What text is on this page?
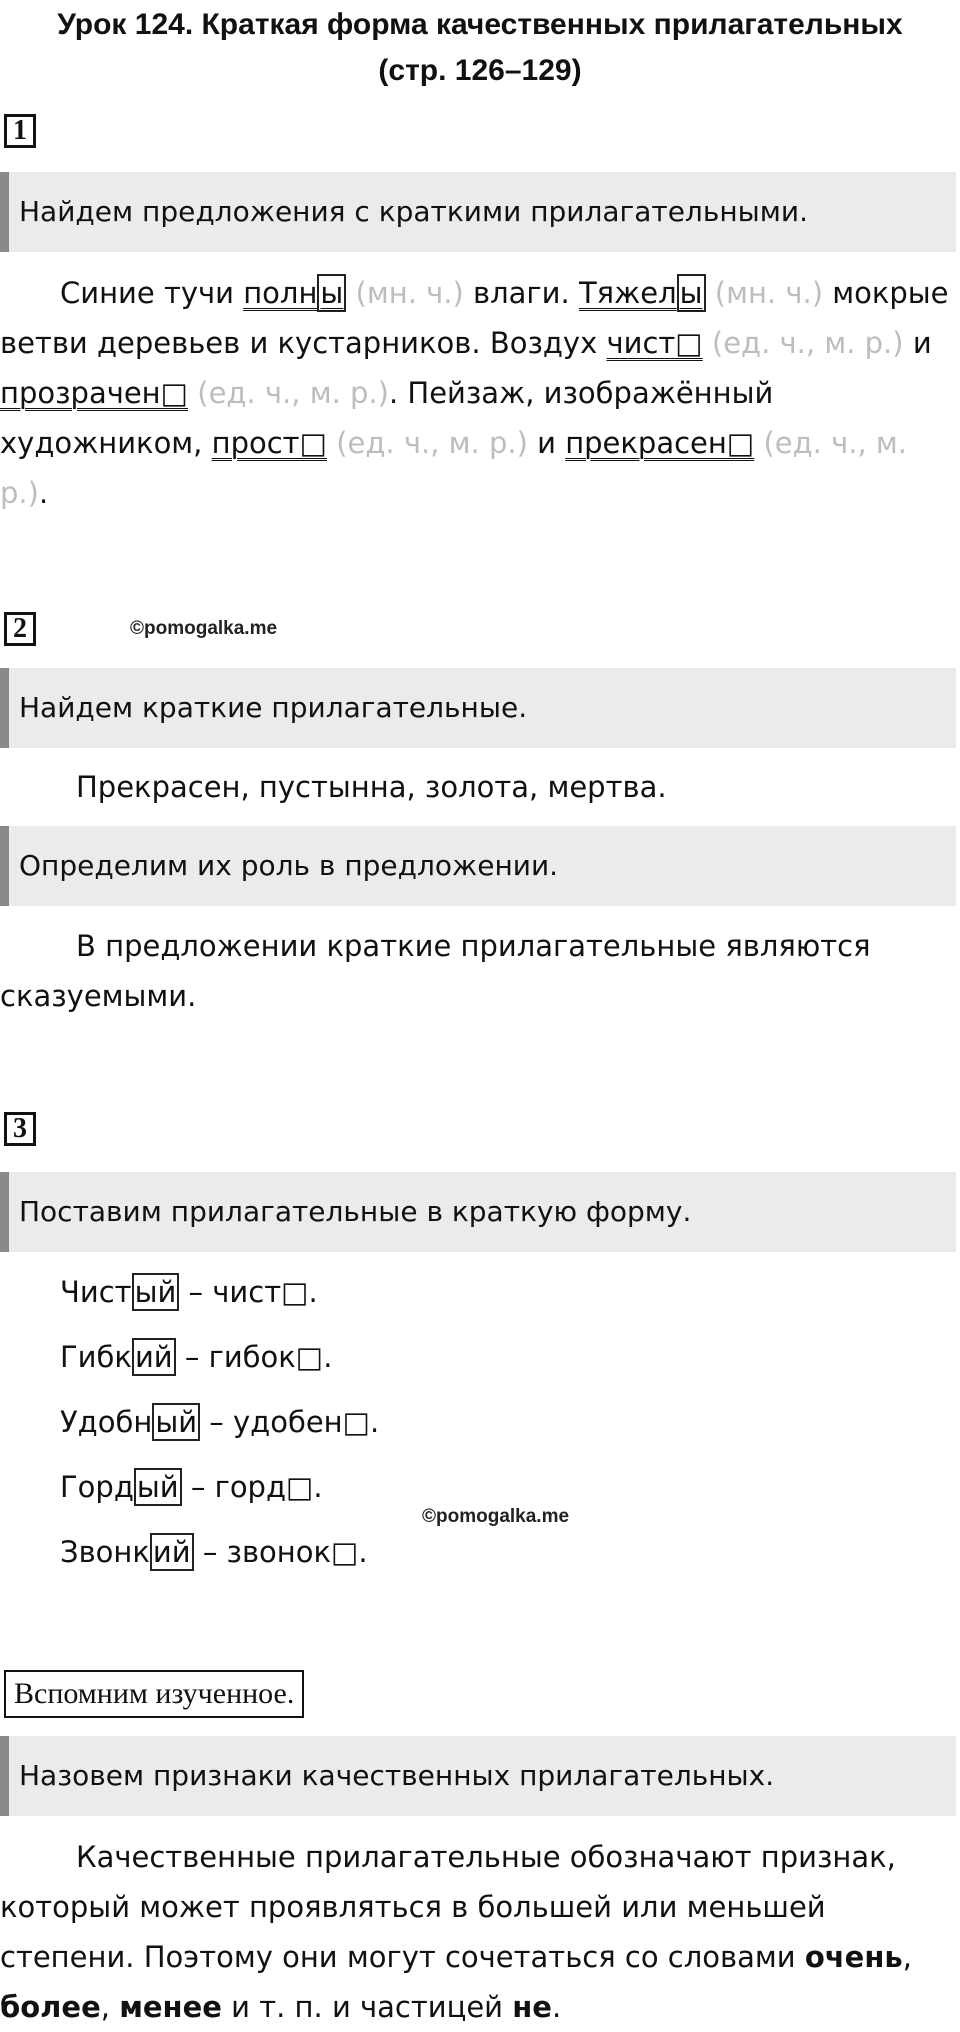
Урок 124. Краткая форма качественных прилагательных
(стр. 126–129)
1
Найдем предложения с краткими прилагательными.
Синие тучи полн ы (мн. ч.) влаги. Тяжел ы (мн. ч.) мокрые ветви деревьев и кустарников. Воздух чист□ (ед. ч., м. р.) и прозрачен□ (ед. ч., м. р.). Пейзаж, изображённый художником, прост□ (ед. ч., м. р.) и прекрасен□ (ед. ч., м. р.).
2	©pomogalka.me
Найдем краткие прилагательные.
Прекрасен, пустынна, золота, мертва.
Определим их роль в предложении.
В предложении краткие прилагательные являются сказуемыми.
3
Поставим прилагательные в краткую форму.
Чист ый – чист□.
Гибк ий – гибок□.
Удобн ый – удобен□.
Горд ый – горд□.
©pomogalka.me
Звонк ий – звонок□.
Вспомним изученное.
Назовем признаки качественных прилагательных.
Качественные прилагательные обозначают признак, который может проявляться в большей или меньшей степени. Поэтому они могут сочетаться со словами очень, более, менее и т. п. и частицей не.
